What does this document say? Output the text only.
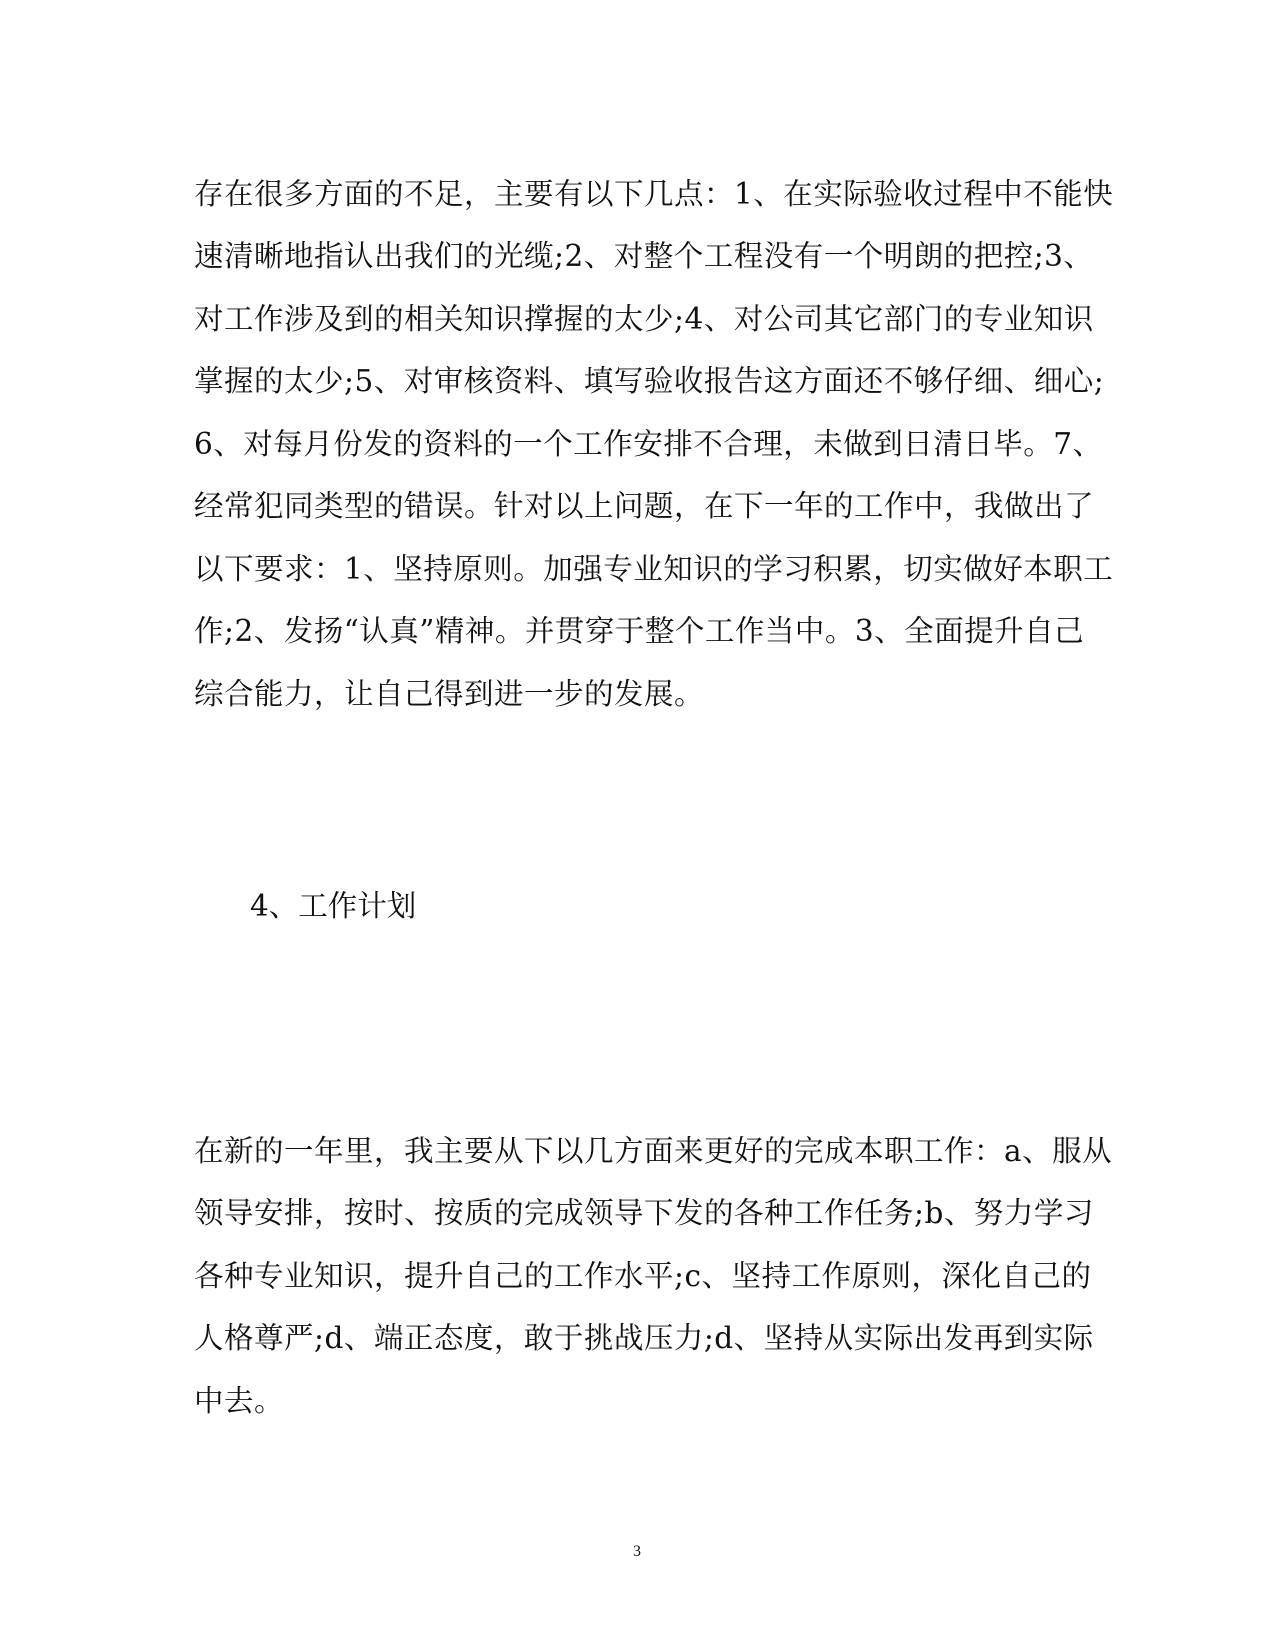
存在很多方面的不足，主要有以下几点：1、在实际验收过程中不能快
速清晰地指认出我们的光缆;2、对整个工程没有一个明朗的把控;3、
对工作涉及到的相关知识撑握的太少;4、对公司其它部门的专业知识
掌握的太少;5、对审核资料、填写验收报告这方面还不够仔细、细心;
6、对每月份发的资料的一个工作安排不合理，未做到日清日毕。7、
经常犯同类型的错误。针对以上问题，在下一年的工作中，我做出了
以下要求：1、坚持原则。加强专业知识的学习积累，切实做好本职工
作;2、发扬“认真”精神。并贯穿于整个工作当中。3、全面提升自己
综合能力，让自己得到进一步的发展。
4、工作计划
在新的一年里，我主要从下以几方面来更好的完成本职工作：a、服从
领导安排，按时、按质的完成领导下发的各种工作任务;b、努力学习
各种专业知识，提升自己的工作水平;c、坚持工作原则，深化自己的
人格尊严;d、端正态度，敢于挑战压力;d、坚持从实际出发再到实际
中去。
3
